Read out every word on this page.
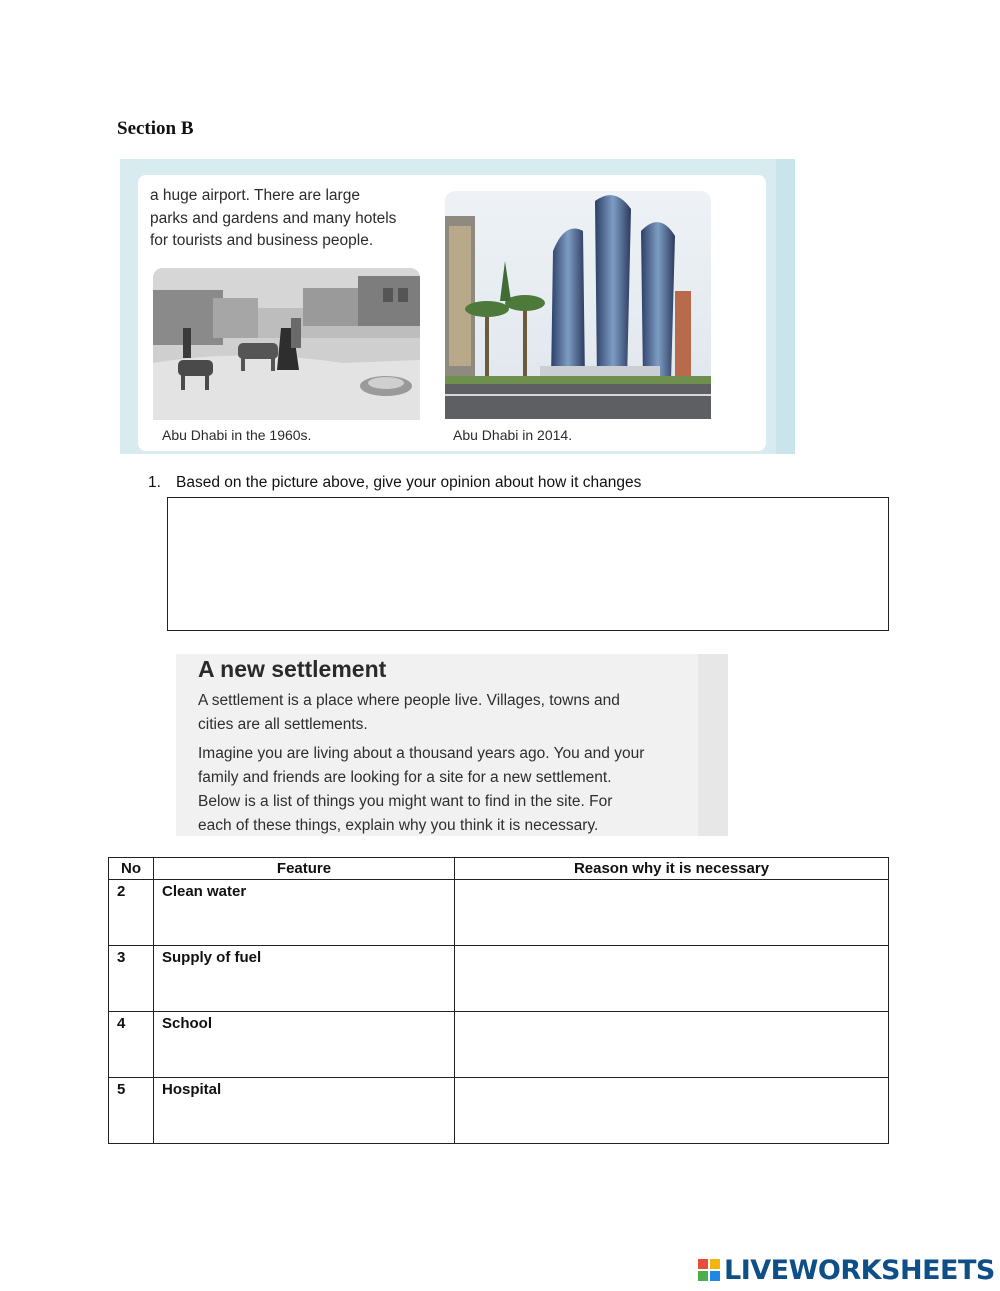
Section B
a huge airport. There are large
parks and gardens and many hotels
for tourists and business people.
Abu Dhabi in the 1960s.	Abu Dhabi in 2014.
1. Based on the picture above, give your opinion about how it changes
A new settlement
A settlement is a place where people live. Villages, towns and
cities are all settlements.
Imagine you are living about a thousand years ago. You and your
family and friends are looking for a site for a new settlement.
Below is a list of things you might want to find in the site. For
each of these things, explain why you think it is necessary.
No	Feature	Reason why it is necessary

2	Clean water	

3	Supply of fuel	

4	School	

5	Hospital	

LIVEWORKSHEETS
